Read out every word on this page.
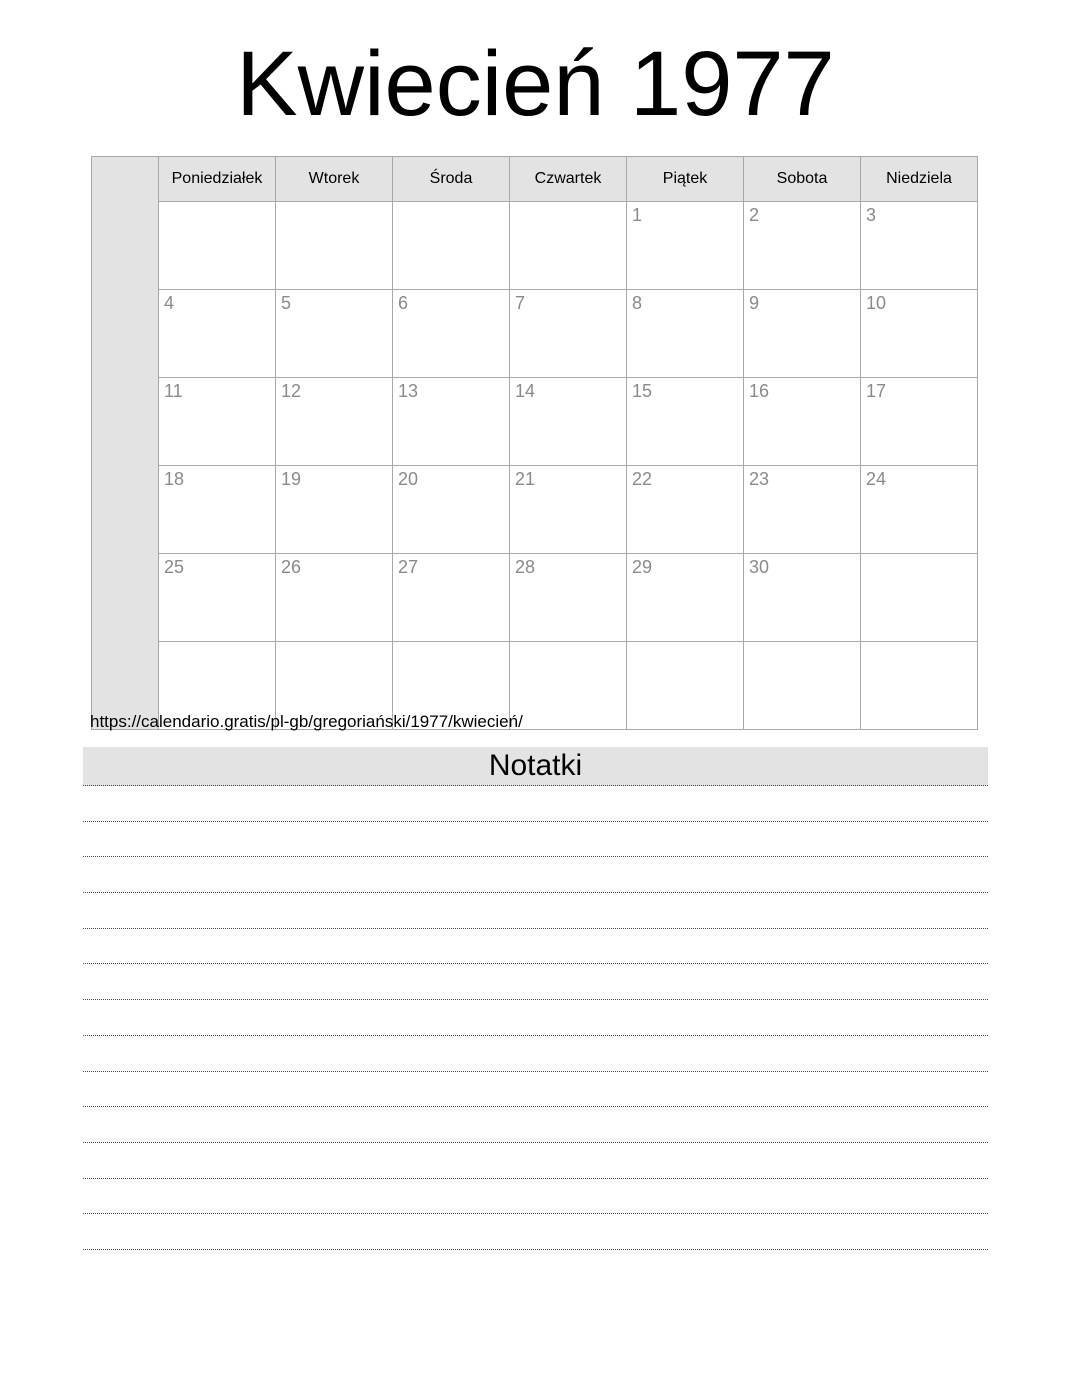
Kwiecień 1977
	Poniedziałek	Wtorek	Środa	Czwartek	Piątek	Sobota	Niedziela
					1	2	3
	4	5	6	7	8	9	10
	11	12	13	14	15	16	17
	18	19	20	21	22	23	24
	25	26	27	28	29	30	

https://calendario.gratis/pl-gb/gregoriański/1977/kwiecień/
Notatki
